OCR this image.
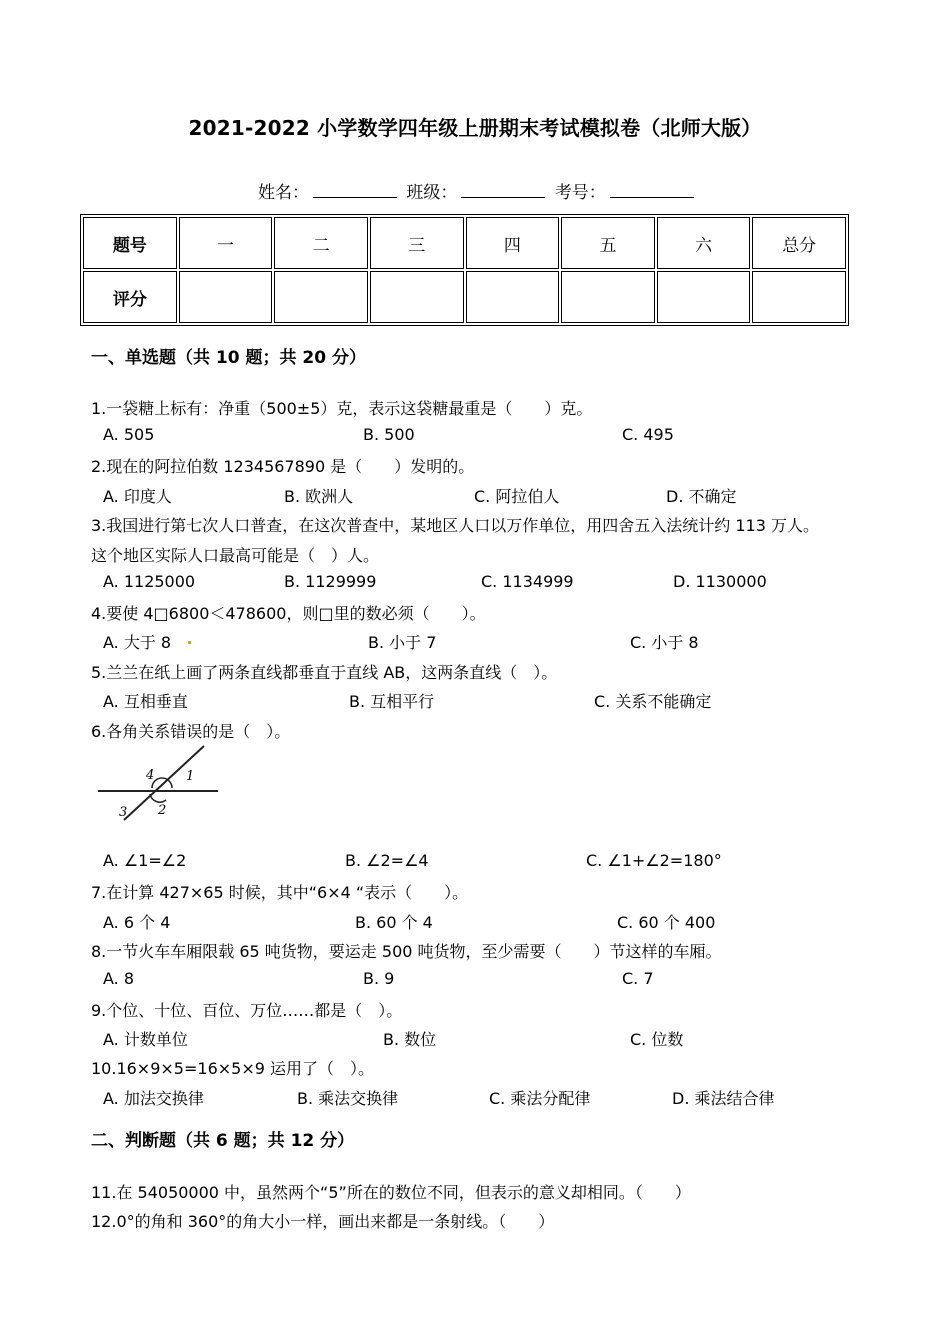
2021-2022 小学数学四年级上册期末考试模拟卷（北师大版）
姓名：	班级：	考号：
题号	一	二	三	四	五	六	总分
评分							
一、单选题（共 10 题；共 20 分）
1.一袋糖上标有：净重（500±5）克，表示这袋糖最重是（　　）克。
A. 505	B. 500	C. 495
2.现在的阿拉伯数 1234567890 是（　　）发明的。
A. 印度人	B. 欧洲人	C. 阿拉伯人	D. 不确定
3.我国进行第七次人口普查，在这次普查中，某地区人口以万作单位，用四舍五入法统计约 113 万人。
这个地区实际人口最高可能是（　）人。
A. 1125000	B. 1129999	C. 1134999	D. 1130000
4.要使 4□6800＜478600，则□里的数必须（　　）。
A. 大于 8	B. 小于 7	C. 小于 8
5.兰兰在纸上画了两条直线都垂直于直线 AB，这两条直线（　）。
A. 互相垂直	B. 互相平行	C. 关系不能确定
6.各角关系错误的是（　）。
4 1
3 2
A. ∠1=∠2	B. ∠2=∠4	C. ∠1+∠2=180°
7.在计算 427×65 时候，其中“6×4 “表示（　　）。
A. 6 个 4	B. 60 个 4	C. 60 个 400
8.一节火车车厢限载 65 吨货物，要运走 500 吨货物，至少需要（　　）节这样的车厢。
A. 8	B. 9	C. 7
9.个位、十位、百位、万位……都是（　）。
A. 计数单位	B. 数位	C. 位数
10.16×9×5=16×5×9 运用了（　）。
A. 加法交换律	B. 乘法交换律	C. 乘法分配律	D. 乘法结合律
二、判断题（共 6 题；共 12 分）
11.在 54050000 中，虽然两个“5”所在的数位不同，但表示的意义却相同。（　　）
12.0°的角和 360°的角大小一样，画出来都是一条射线。（　　）
